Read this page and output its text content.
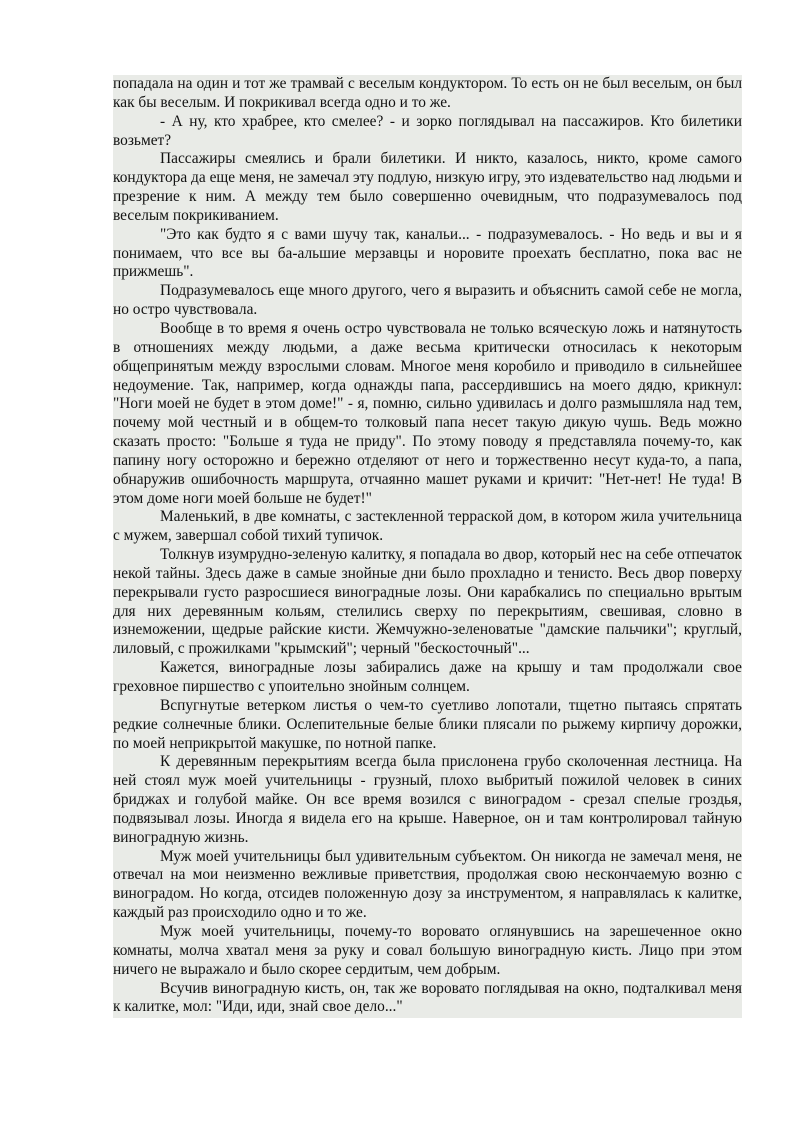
попадала на один и тот же трамвай с веселым кондуктором. То есть он не был веселым, он был как бы веселым. И покрикивал всегда одно и то же.

- А ну, кто храбрее, кто смелее? - и зорко поглядывал на пассажиров. Кто билетики возьмет?

Пассажиры смеялись и брали билетики. И никто, казалось, никто, кроме самого кондуктора да еще меня, не замечал эту подлую, низкую игру, это издевательство над людьми и презрение к ним. А между тем было совершенно очевидным, что подразумевалось под веселым покрикиванием.

"Это как будто я с вами шучу так, канальи... - подразумевалось. - Но ведь и вы и я понимаем, что все вы ба-альшие мерзавцы и норовите проехать бесплатно, пока вас не прижмешь".

Подразумевалось еще много другого, чего я выразить и объяснить самой себе не могла, но остро чувствовала.

Вообще в то время я очень остро чувствовала не только всяческую ложь и натянутость в отношениях между людьми, а даже весьма критически относилась к некоторым общепринятым между взрослыми словам. Многое меня коробило и приводило в сильнейшее недоумение. Так, например, когда однажды папа, рассердившись на моего дядю, крикнул: "Ноги моей не будет в этом доме!" - я, помню, сильно удивилась и долго размышляла над тем, почему мой честный и в общем-то толковый папа несет такую дикую чушь. Ведь можно сказать просто: "Больше я туда не приду". По этому поводу я представляла почему-то, как папину ногу осторожно и бережно отделяют от него и торжественно несут куда-то, а папа, обнаружив ошибочность маршрута, отчаянно машет руками и кричит: "Нет-нет! Не туда! В этом доме ноги моей больше не будет!"

Маленький, в две комнаты, с застекленной терраской дом, в котором жила учительница с мужем, завершал собой тихий тупичок.

Толкнув изумрудно-зеленую калитку, я попадала во двор, который нес на себе отпечаток некой тайны. Здесь даже в самые знойные дни было прохладно и тенисто. Весь двор поверху перекрывали густо разросшиеся виноградные лозы. Они карабкались по специально врытым для них деревянным кольям, стелились сверху по перекрытиям, свешивая, словно в изнеможении, щедрые райские кисти. Жемчужно-зеленоватые "дамские пальчики"; круглый, лиловый, с прожилками "крымский"; черный "бескосточный"...

Кажется, виноградные лозы забирались даже на крышу и там продолжали свое греховное пиршество с упоительно знойным солнцем.

Вспугнутые ветерком листья о чем-то суетливо лопотали, тщетно пытаясь спрятать редкие солнечные блики. Ослепительные белые блики плясали по рыжему кирпичу дорожки, по моей неприкрытой макушке, по нотной папке.

К деревянным перекрытиям всегда была прислонена грубо сколоченная лестница. На ней стоял муж моей учительницы - грузный, плохо выбритый пожилой человек в синих бриджах и голубой майке. Он все время возился с виноградом - срезал спелые гроздья, подвязывал лозы. Иногда я видела его на крыше. Наверное, он и там контролировал тайную виноградную жизнь.

Муж моей учительницы был удивительным субъектом. Он никогда не замечал меня, не отвечал на мои неизменно вежливые приветствия, продолжая свою нескончаемую возню с виноградом. Но когда, отсидев положенную дозу за инструментом, я направлялась к калитке, каждый раз происходило одно и то же.

Муж моей учительницы, почему-то воровато оглянувшись на зарешеченное окно комнаты, молча хватал меня за руку и совал большую виноградную кисть. Лицо при этом ничего не выражало и было скорее сердитым, чем добрым.

Всучив виноградную кисть, он, так же воровато поглядывая на окно, подталкивал меня к калитке, мол: "Иди, иди, знай свое дело..."
